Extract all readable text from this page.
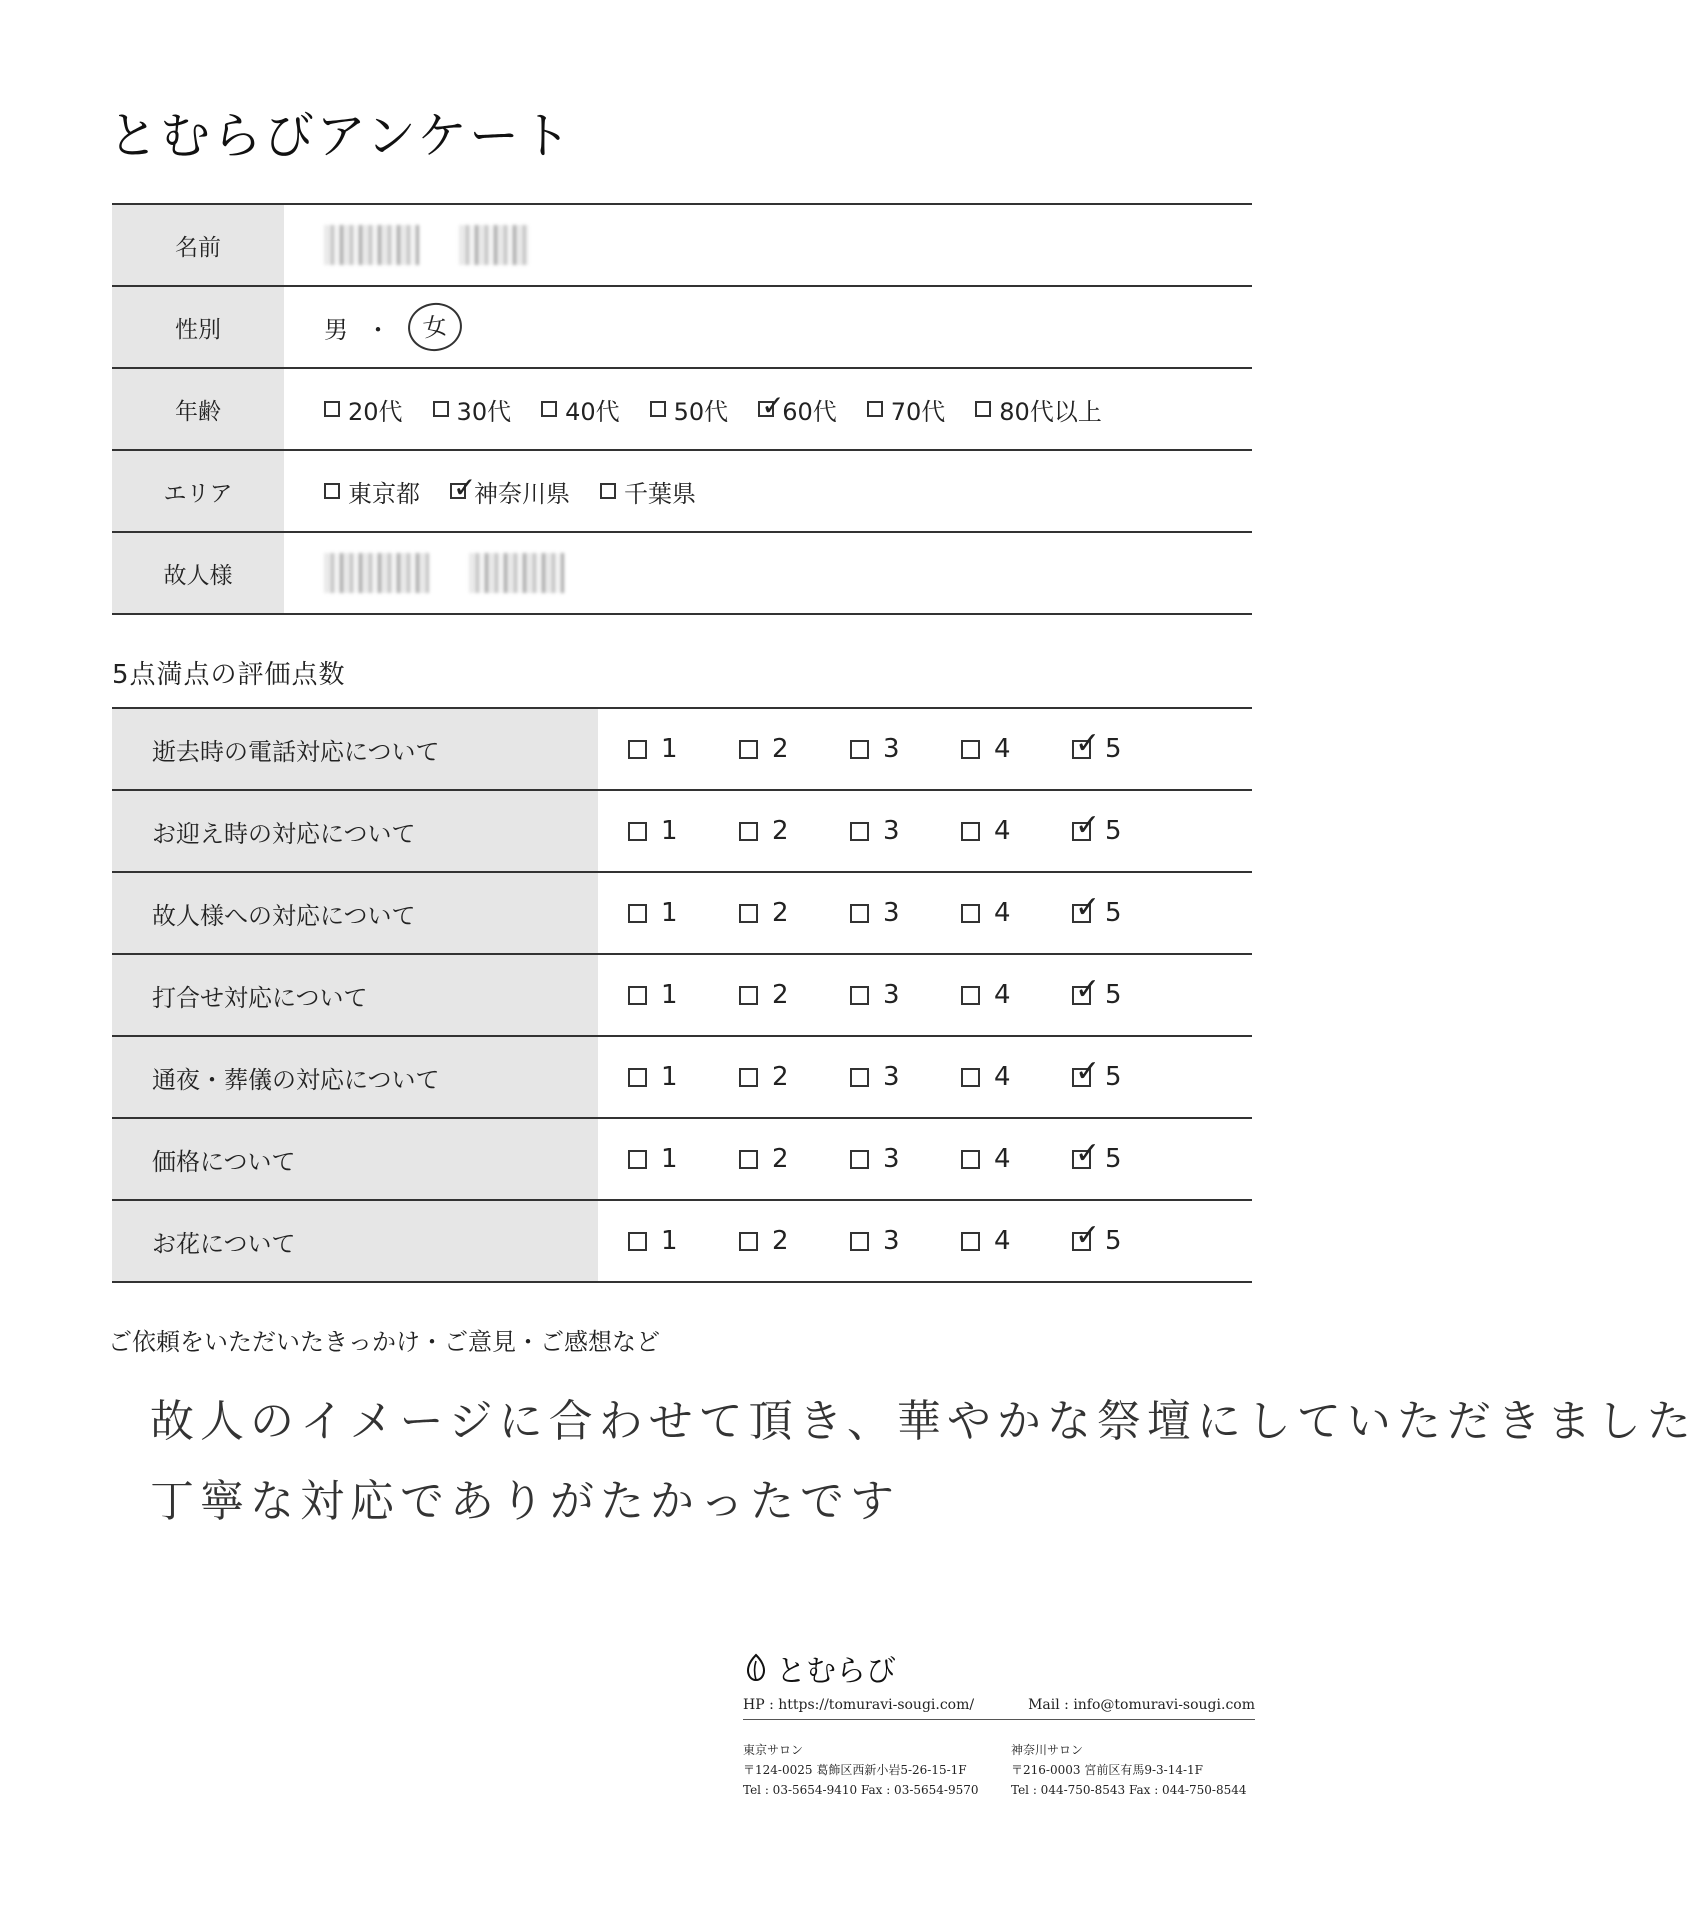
とむらびアンケート
名前
性別	男 ・	女
年齢	20代 30代 40代 50代 ✓ 60代 70代 80代以上
エリア	東京都 ✓ 神奈川県 千葉県
故人様
5点満点の評価点数
逝去時の電話対応について	1	2	3	4 ✓	5
お迎え時の対応について	1	2	3	4 ✓	5
故人様への対応について	1	2	3	4 ✓	5
打合せ対応について	1	2	3	4 ✓	5
通夜・葬儀の対応について	1	2	3	4 ✓	5
価格について	1	2	3	4 ✓	5
お花について	1	2	3	4 ✓	5
ご依頼をいただいたきっかけ・ご意見・ご感想など
故人のイメージに合わせて頂き、華やかな祭壇にしていただきました
丁寧な対応でありがたかったです
とむらび
HP : https://tomuravi-sougi.com/	Mail : info@tomuravi-sougi.com
東京サロン
〒124-0025 葛飾区西新小岩5-26-15-1F
Tel : 03-5654-9410 Fax : 03-5654-9570
神奈川サロン
〒216-0003 宮前区有馬9-3-14-1F
Tel : 044-750-8543 Fax : 044-750-8544
